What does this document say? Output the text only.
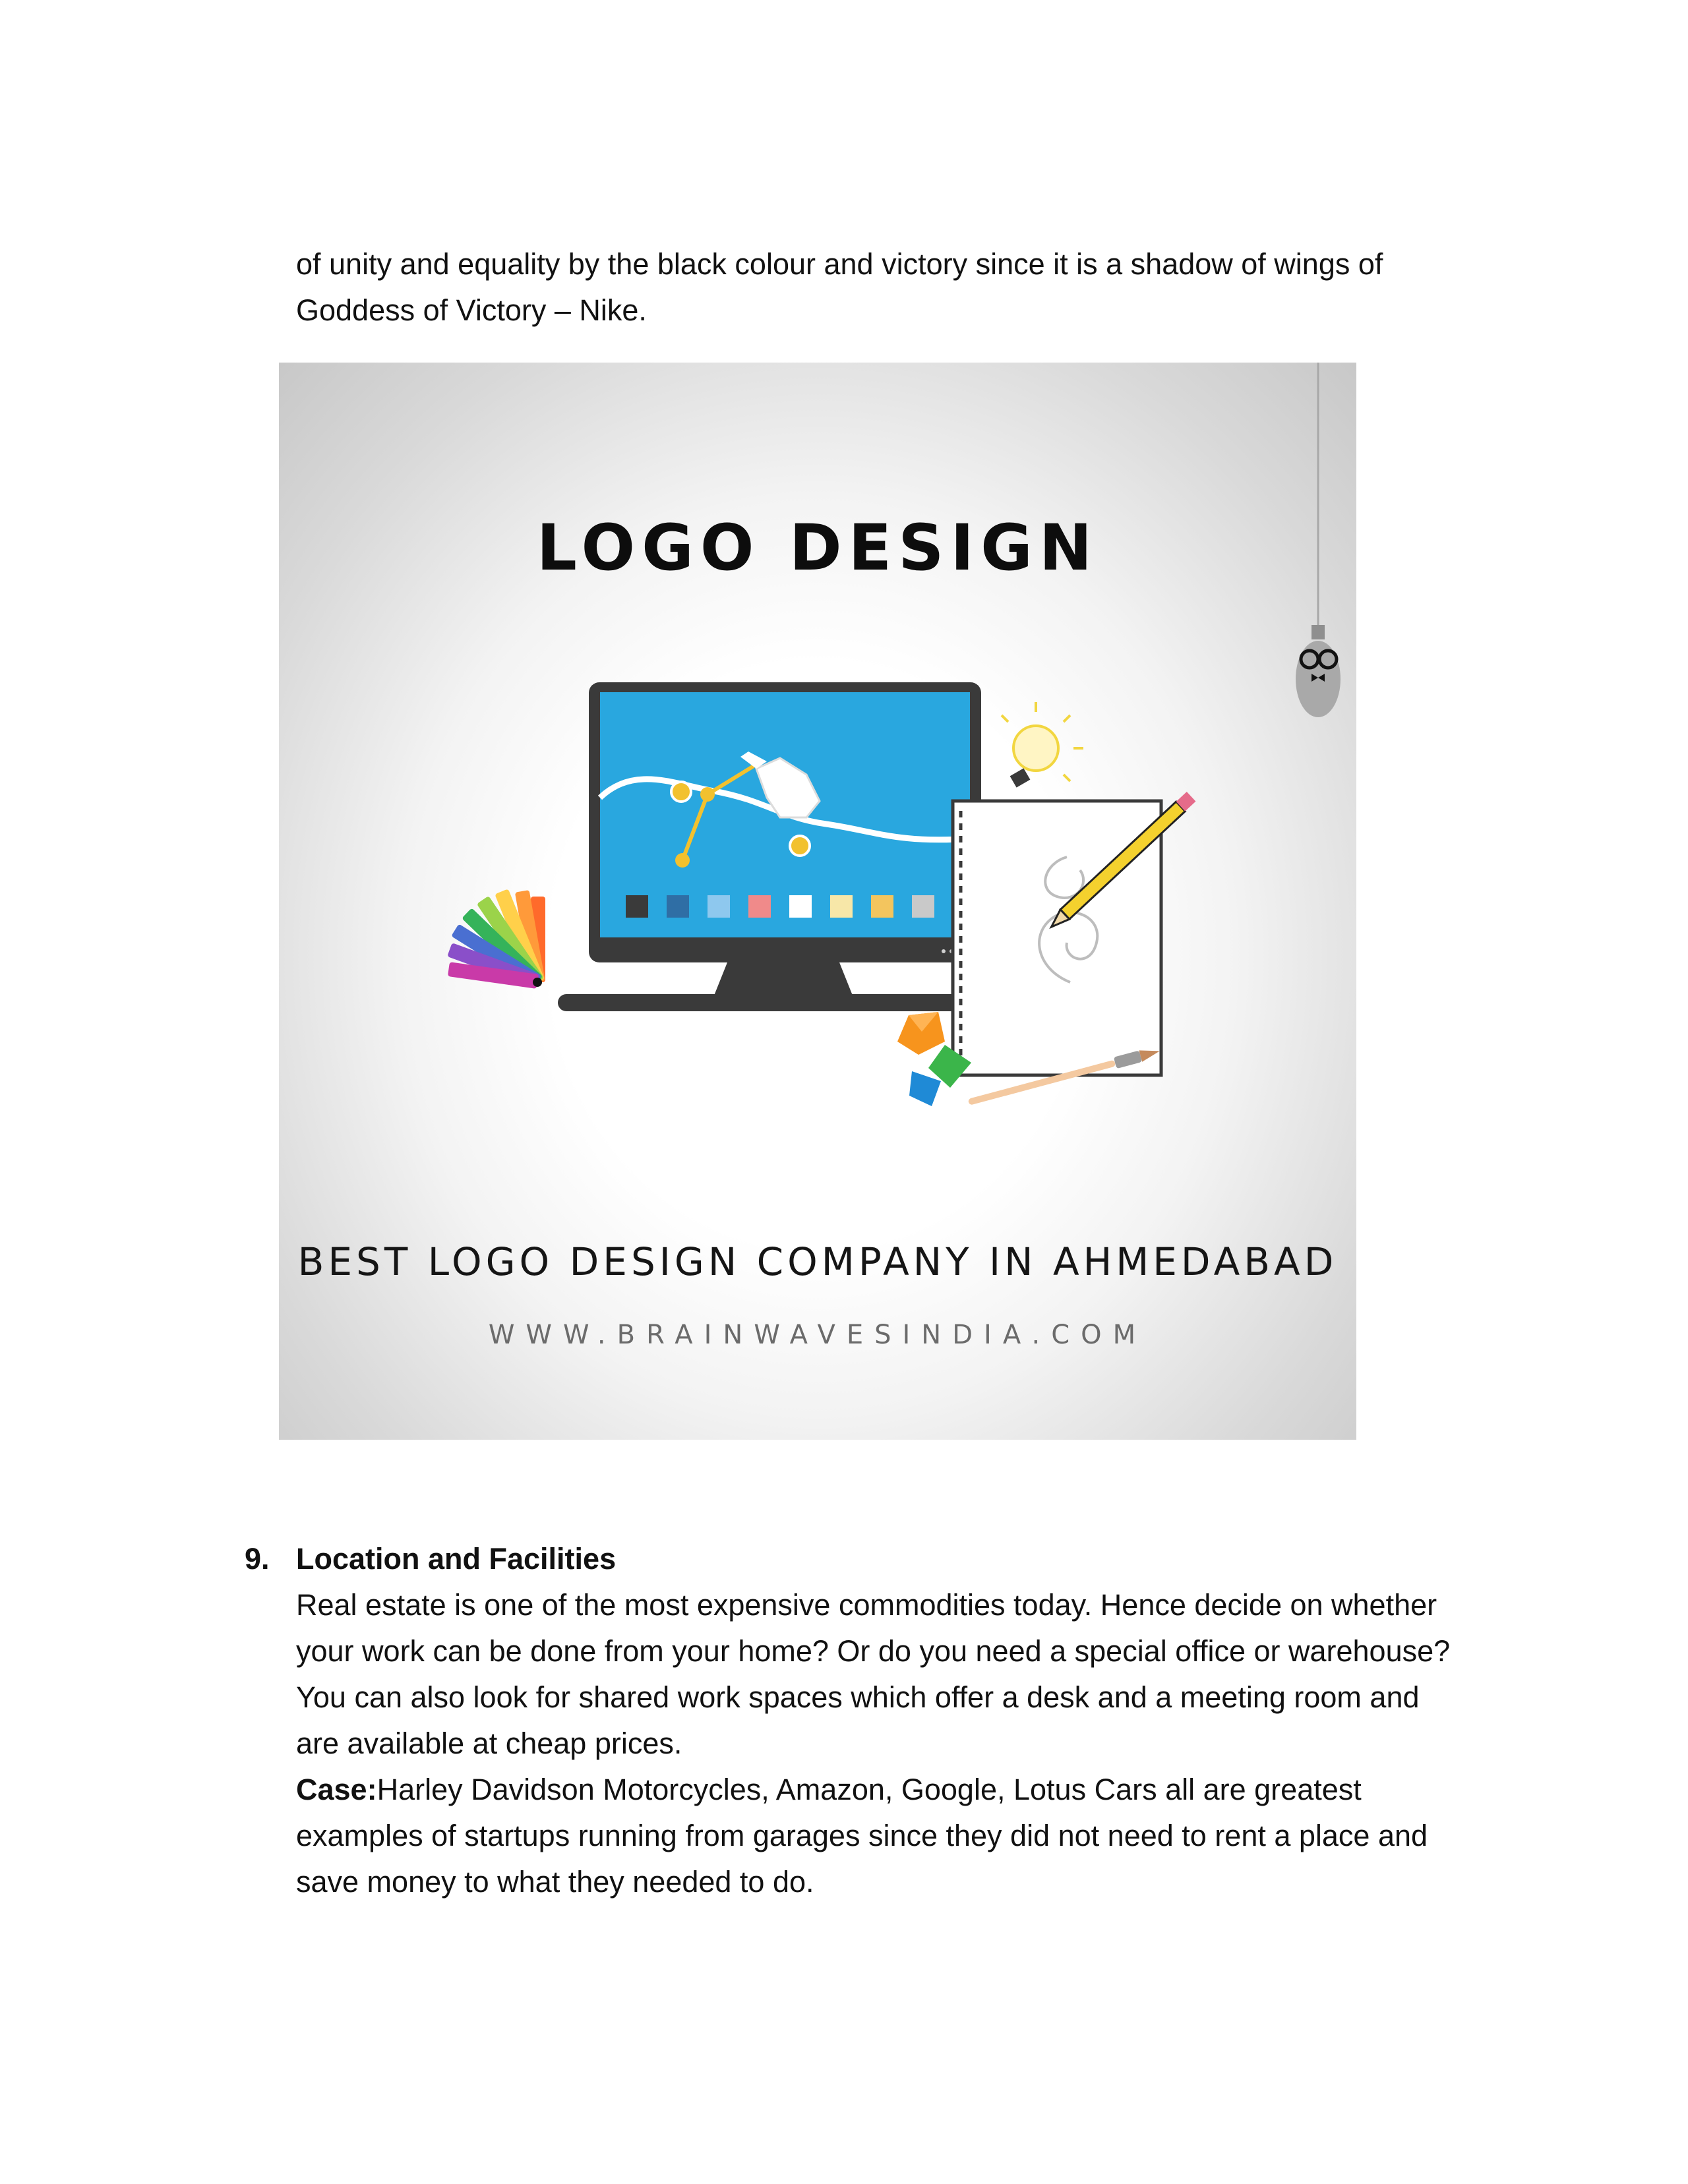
of unity and equality by the black colour and victory since it is a shadow of wings of
Goddess of Victory – Nike.

LOGO DESIGN
BEST LOGO DESIGN COMPANY IN AHMEDABAD
WWW.BRAINWAVESINDIA.COM
9. Location and Facilities

Real estate is one of the most expensive commodities today. Hence decide on whether
your work can be done from your home? Or do you need a special office or warehouse?
You can also look for shared work spaces which offer a desk and a meeting room and
are available at cheap prices.
Case:Harley Davidson Motorcycles, Amazon, Google, Lotus Cars all are greatest
examples of startups running from garages since they did not need to rent a place and
save money to what they needed to do.
